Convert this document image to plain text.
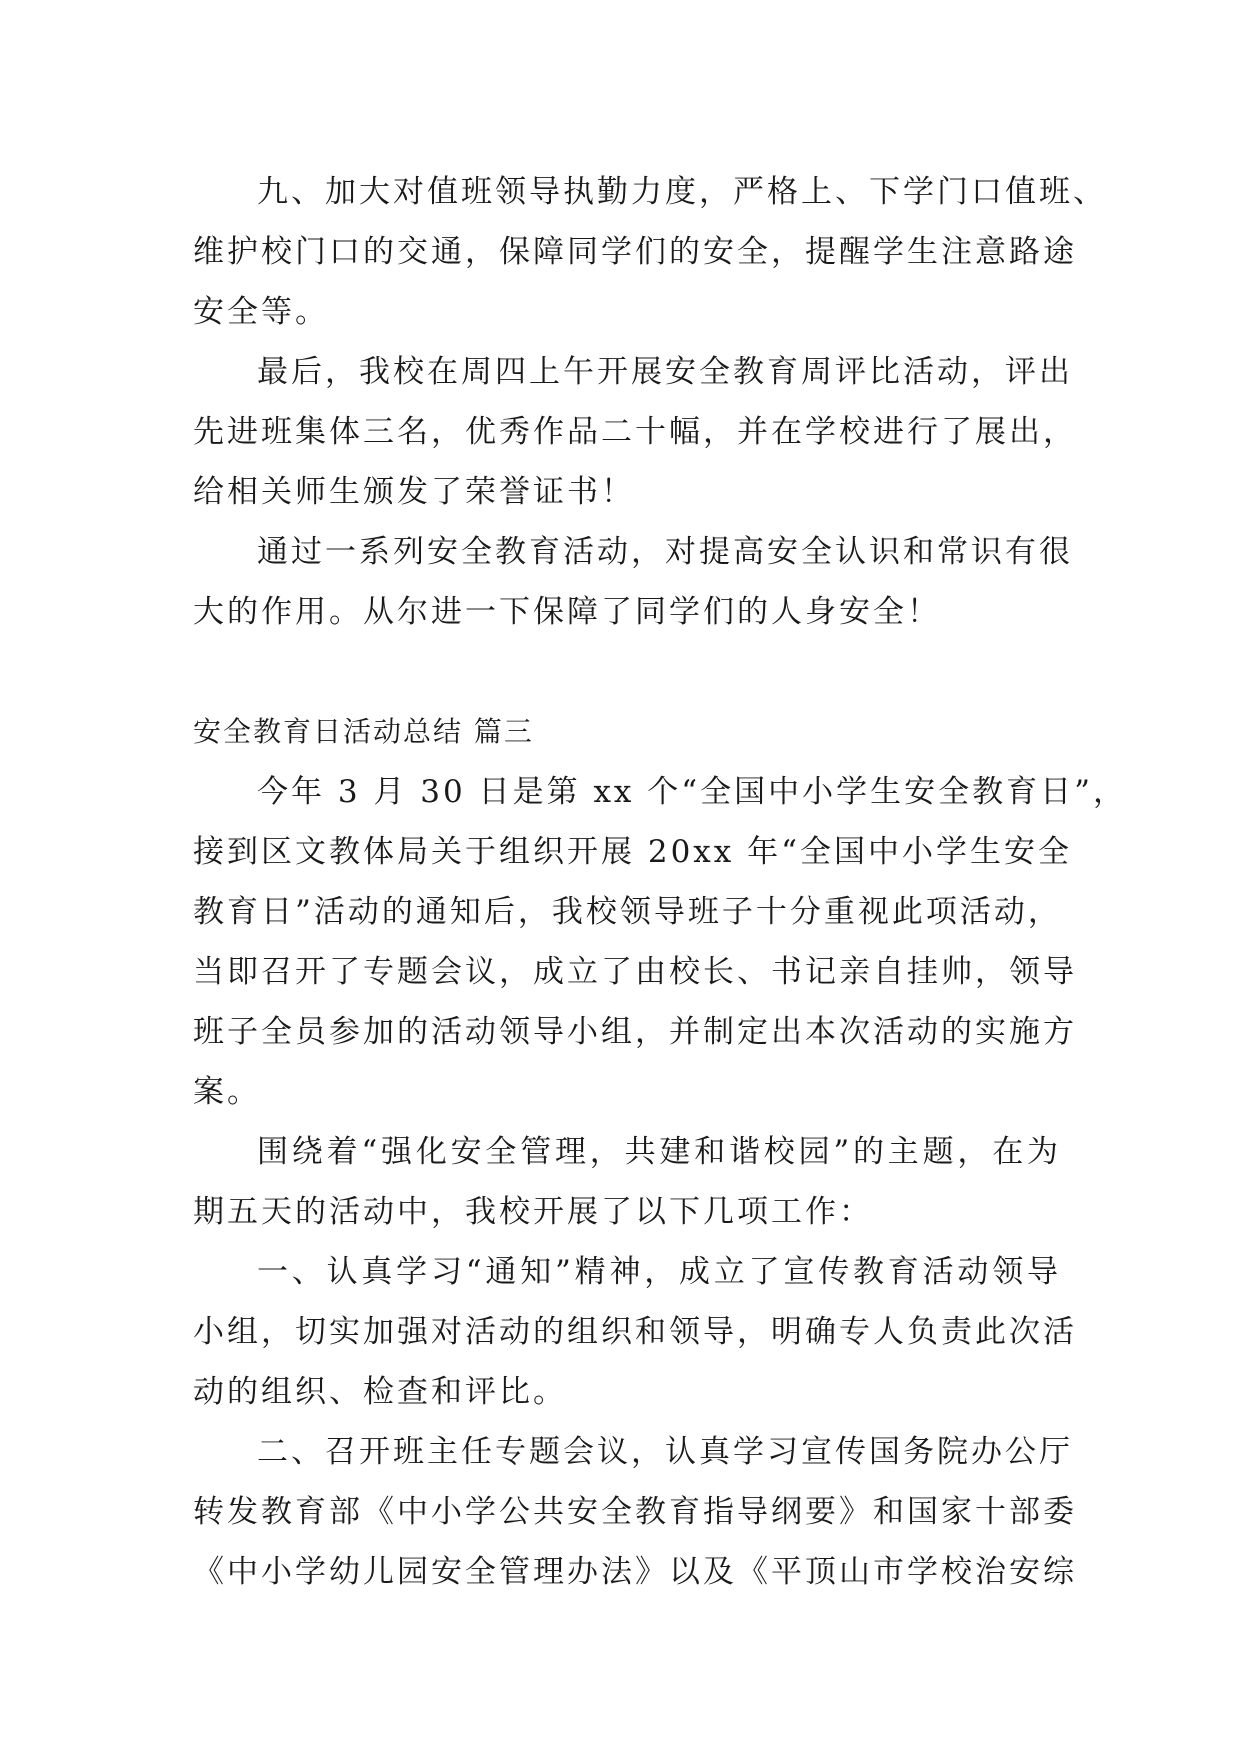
九、加大对值班领导执勤力度，严格上、下学门口值班、
维护校门口的交通，保障同学们的安全，提醒学生注意路途
安全等。
最后，我校在周四上午开展安全教育周评比活动，评出
先进班集体三名，优秀作品二十幅，并在学校进行了展出，
给相关师生颁发了荣誉证书！
通过一系列安全教育活动，对提高安全认识和常识有很
大的作用。从尔进一下保障了同学们的人身安全！
安全教育日活动总结 篇三
今年 3 月 30 日是第 xx 个“全国中小学生安全教育日”，
接到区文教体局关于组织开展 20xx 年“全国中小学生安全
教育日”活动的通知后，我校领导班子十分重视此项活动，
当即召开了专题会议，成立了由校长、书记亲自挂帅，领导
班子全员参加的活动领导小组，并制定出本次活动的实施方
案。
围绕着“强化安全管理，共建和谐校园”的主题，在为
期五天的活动中，我校开展了以下几项工作：
一、认真学习“通知”精神，成立了宣传教育活动领导
小组，切实加强对活动的组织和领导，明确专人负责此次活
动的组织、检查和评比。
二、召开班主任专题会议，认真学习宣传国务院办公厅
转发教育部《中小学公共安全教育指导纲要》和国家十部委
《中小学幼儿园安全管理办法》以及《平顶山市学校治安综
